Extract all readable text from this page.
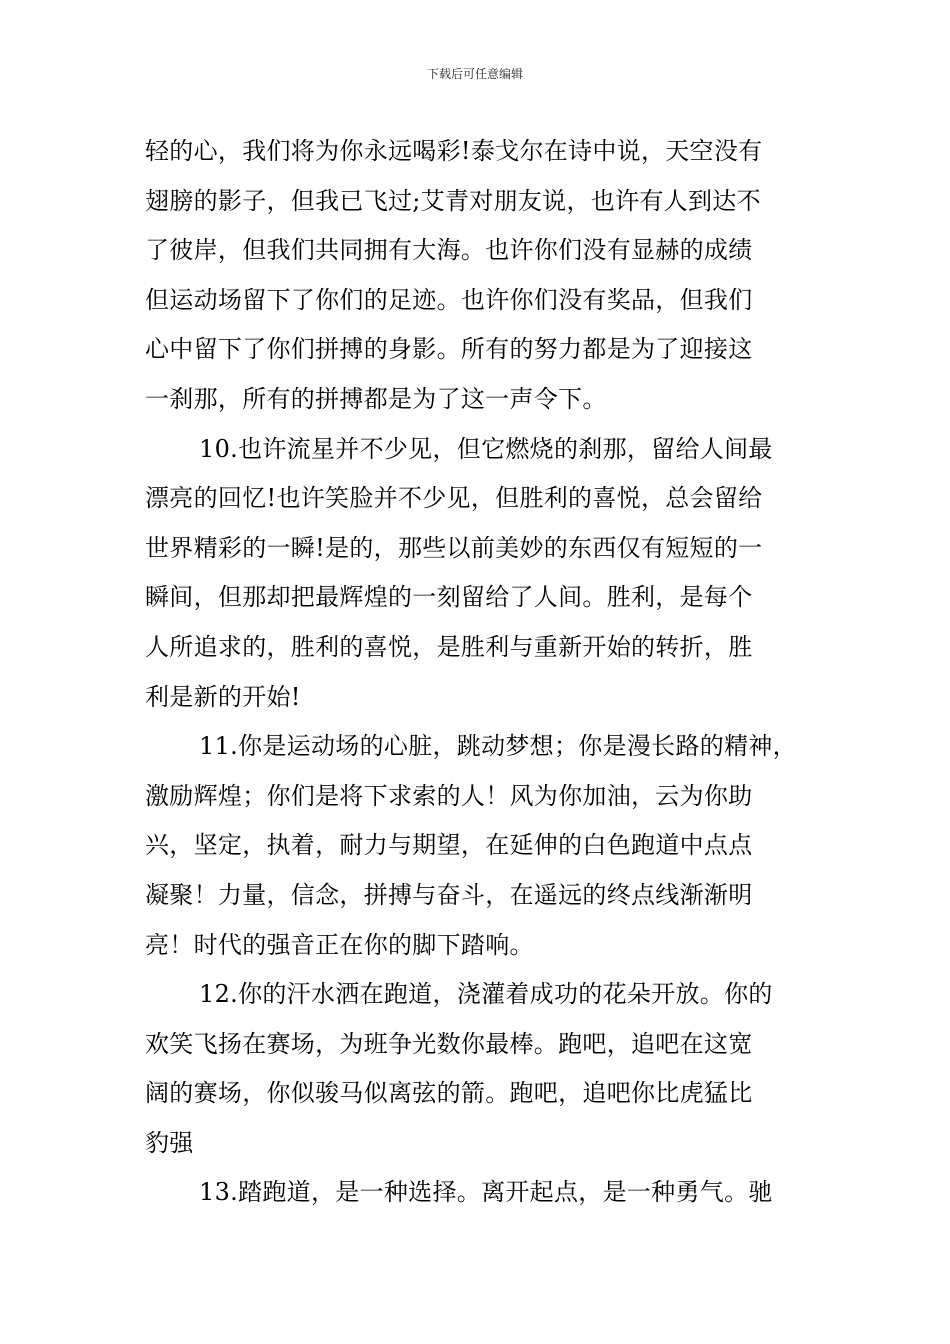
下载后可任意编辑
轻的心，我们将为你永远喝彩!泰戈尔在诗中说，天空没有
翅膀的影子，但我已飞过;艾青对朋友说，也许有人到达不
了彼岸，但我们共同拥有大海。也许你们没有显赫的成绩
但运动场留下了你们的足迹。也许你们没有奖品，但我们
心中留下了你们拼搏的身影。所有的努力都是为了迎接这
一刹那，所有的拼搏都是为了这一声令下。
10.也许流星并不少见，但它燃烧的刹那，留给人间最
漂亮的回忆!也许笑脸并不少见，但胜利的喜悦，总会留给
世界精彩的一瞬!是的，那些以前美妙的东西仅有短短的一
瞬间，但那却把最辉煌的一刻留给了人间。胜利，是每个
人所追求的，胜利的喜悦，是胜利与重新开始的转折，胜
利是新的开始!
11.你是运动场的心脏，跳动梦想；你是漫长路的精神，
激励辉煌；你们是将下求索的人！风为你加油，云为你助
兴，坚定，执着，耐力与期望，在延伸的白色跑道中点点
凝聚！力量，信念，拼搏与奋斗，在遥远的终点线渐渐明
亮！时代的强音正在你的脚下踏响。
12.你的汗水洒在跑道，浇灌着成功的花朵开放。你的
欢笑飞扬在赛场，为班争光数你最棒。跑吧，追吧在这宽
阔的赛场，你似骏马似离弦的箭。跑吧，追吧你比虎猛比
豹强
13.踏跑道，是一种选择。离开起点，是一种勇气。驰
